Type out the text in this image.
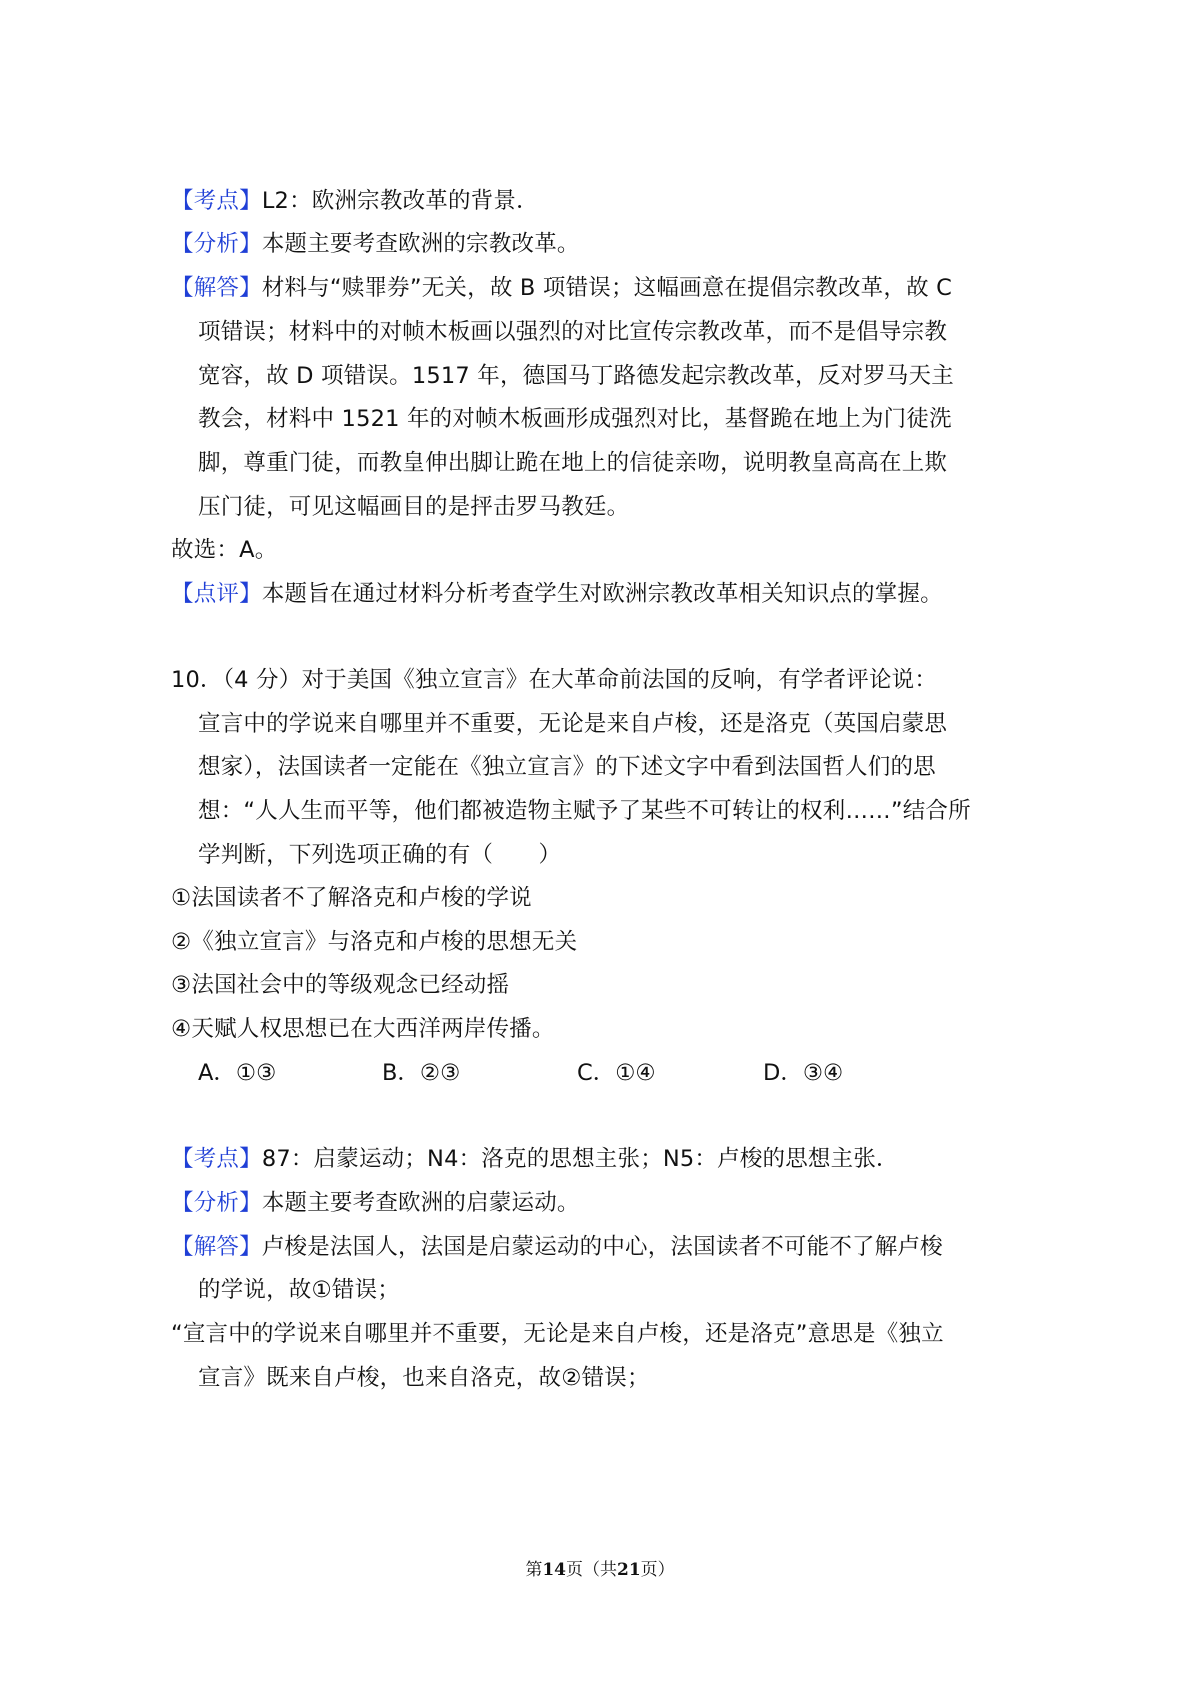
【考点】L2：欧洲宗教改革的背景．
【分析】本题主要考查欧洲的宗教改革。
【解答】材料与“赎罪券”无关，故 B 项错误；这幅画意在提倡宗教改革，故 C
项错误；材料中的对帧木板画以强烈的对比宣传宗教改革，而不是倡导宗教
宽容，故 D 项错误。1517 年，德国马丁路德发起宗教改革，反对罗马天主
教会，材料中 1521 年的对帧木板画形成强烈对比，基督跪在地上为门徒洗
脚，尊重门徒，而教皇伸出脚让跪在地上的信徒亲吻，说明教皇高高在上欺
压门徒，可见这幅画目的是抨击罗马教廷。
故选：A。
【点评】本题旨在通过材料分析考查学生对欧洲宗教改革相关知识点的掌握。
10．（4 分）对于美国《独立宣言》在大革命前法国的反响，有学者评论说：
宣言中的学说来自哪里并不重要，无论是来自卢梭，还是洛克（英国启蒙思
想家），法国读者一定能在《独立宣言》的下述文字中看到法国哲人们的思
想：“人人生而平等，他们都被造物主赋予了某些不可转让的权利……”结合所
学判断，下列选项正确的有（　　）
①法国读者不了解洛克和卢梭的学说
②《独立宣言》与洛克和卢梭的思想无关
③法国社会中的等级观念已经动摇
④天赋人权思想已在大西洋两岸传播。
A．①③	B．②③	C．①④	D．③④
【考点】87：启蒙运动；N4：洛克的思想主张；N5：卢梭的思想主张．
【分析】本题主要考查欧洲的启蒙运动。
【解答】卢梭是法国人，法国是启蒙运动的中心，法国读者不可能不了解卢梭
的学说，故①错误；
“宣言中的学说来自哪里并不重要，无论是来自卢梭，还是洛克”意思是《独立
宣言》既来自卢梭，也来自洛克，故②错误；
第14页（共21页）
